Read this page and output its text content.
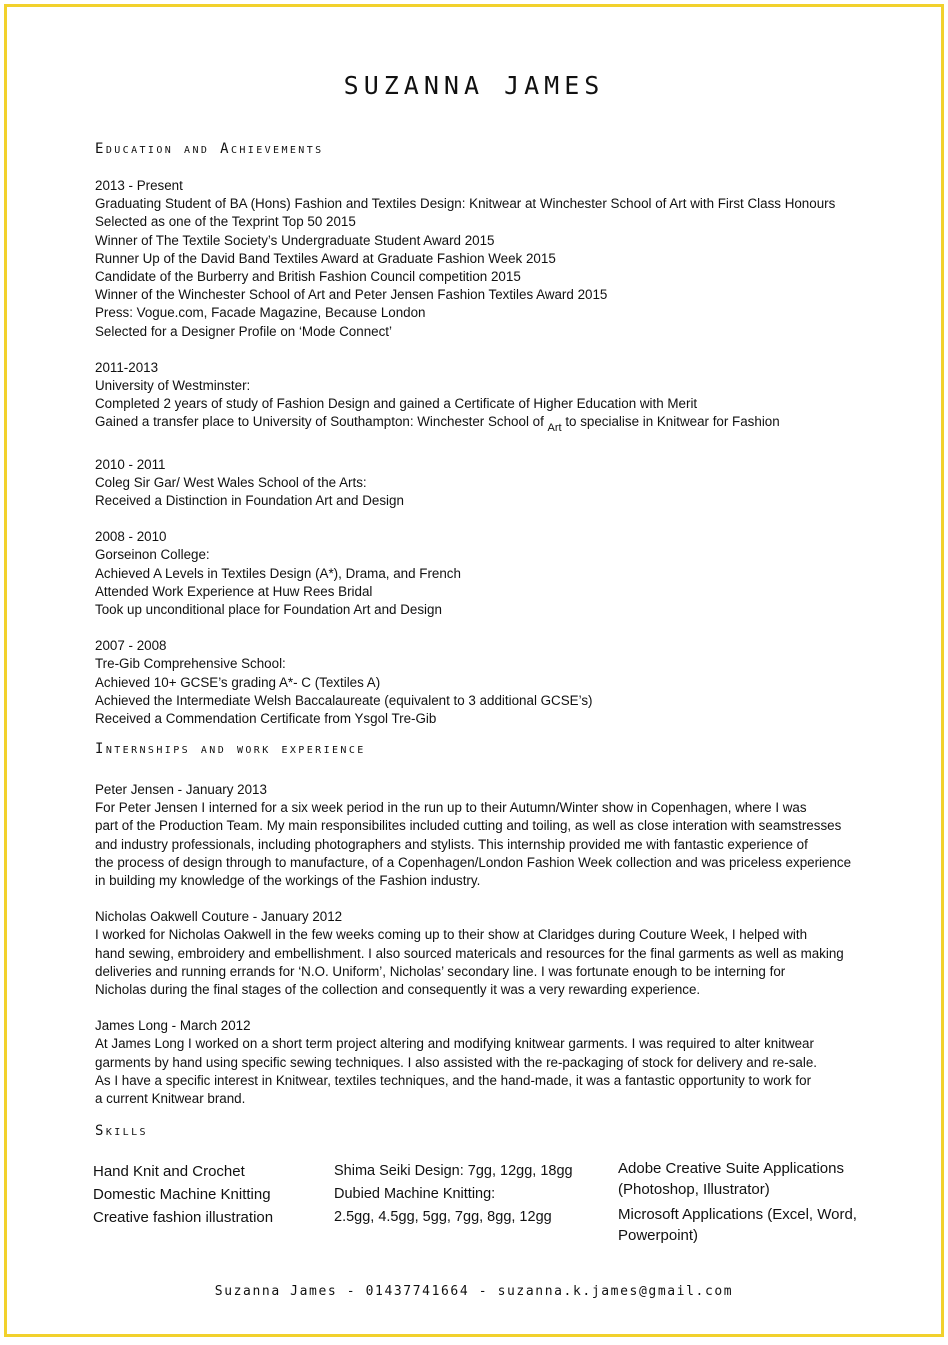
SUZANNA JAMES
Education and Achievements
2013 - Present
Graduating Student of BA (Hons) Fashion and Textiles Design: Knitwear at Winchester School of Art with First Class Honours
Selected as one of the Texprint Top 50 2015
Winner of The Textile Society’s Undergraduate Student Award 2015
Runner Up of the David Band Textiles Award at Graduate Fashion Week 2015
Candidate of the Burberry and British Fashion Council competition 2015
Winner of the Winchester School of Art and Peter Jensen Fashion Textiles Award 2015
Press: Vogue.com, Facade Magazine, Because London
Selected for a Designer Profile on ‘Mode Connect’
2011-2013
University of Westminster:
Completed 2 years of study of Fashion Design and gained a Certificate of Higher Education with Merit
Gained a transfer place to University of Southampton: Winchester School of $_{Art}$ to specialise in Knitwear for Fashion
2010 - 2011
Coleg Sir Gar/ West Wales School of the Arts:
Received a Distinction in Foundation Art and Design
2008 - 2010
Gorseinon College:
Achieved A Levels in Textiles Design (A*), Drama, and French
Attended Work Experience at Huw Rees Bridal
Took up unconditional place for Foundation Art and Design
2007 - 2008
Tre-Gib Comprehensive School:
Achieved 10+ GCSE’s grading A*- C (Textiles A)
Achieved the Intermediate Welsh Baccalaureate (equivalent to 3 additional GCSE’s)
Received a Commendation Certificate from Ysgol Tre-Gib
Internships and work experience
Peter Jensen - January 2013
For Peter Jensen I interned for a six week period in the run up to their Autumn/Winter show in Copenhagen, where I was
part of the Production Team. My main responsibilites included cutting and toiling, as well as close interation with seamstresses
and industry professionals, including photographers and stylists. This internship provided me with fantastic experience of
the process of design through to manufacture, of a Copenhagen/London Fashion Week collection and was priceless experience
in building my knowledge of the workings of the Fashion industry.
Nicholas Oakwell Couture - January 2012
I worked for Nicholas Oakwell in the few weeks coming up to their show at Claridges during Couture Week, I helped with
hand sewing, embroidery and embellishment. I also sourced matericals and resources for the final garments as well as making
deliveries and running errands for ‘N.O. Uniform’, Nicholas’ secondary line. I was fortunate enough to be interning for
Nicholas during the final stages of the collection and consequently it was a very rewarding experience.
James Long - March 2012
At James Long I worked on a short term project altering and modifying knitwear garments. I was required to alter knitwear
garments by hand using specific sewing techniques. I also assisted with the re-packaging of stock for delivery and re-sale.
As I have a specific interest in Knitwear, textiles techniques, and the hand-made, it was a fantastic opportunity to work for
a current Knitwear brand.
Skills
Hand Knit and Crochet
Domestic Machine Knitting
Creative fashion illustration
Shima Seiki Design: 7gg, 12gg, 18gg
Dubied Machine Knitting:
2.5gg, 4.5gg, 5gg, 7gg, 8gg, 12gg
Adobe Creative Suite Applications
(Photoshop, Illustrator)
Microsoft Applications (Excel, Word,
Powerpoint)
Suzanna James - 01437741664 - suzanna.k.james@gmail.com
